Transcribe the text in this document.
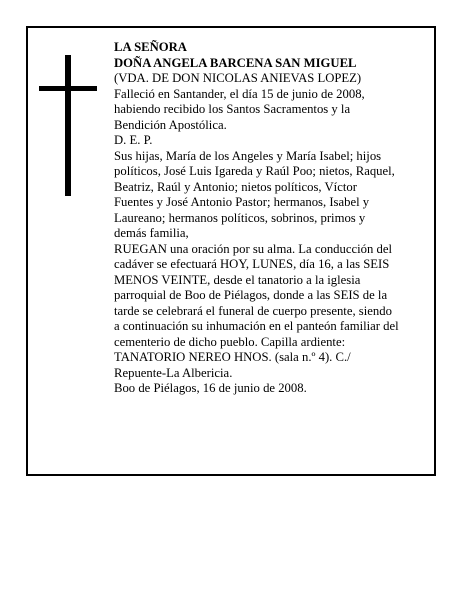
LA SEÑORA
DOÑA ANGELA BARCENA SAN MIGUEL
(VDA. DE DON NICOLAS ANIEVAS LOPEZ)
Falleció en Santander, el día 15 de junio de 2008,
habiendo recibido los Santos Sacramentos y la
Bendición Apostólica.
D. E. P.
Sus hijas, María de los Angeles y María Isabel; hijos
políticos, José Luis Igareda y Raúl Poo; nietos, Raquel,
Beatriz, Raúl y Antonio; nietos políticos, Víctor
Fuentes y José Antonio Pastor; hermanos, Isabel y
Laureano; hermanos políticos, sobrinos, primos y
demás familia,
RUEGAN una oración por su alma. La conducción del
cadáver se efectuará HOY, LUNES, día 16, a las SEIS
MENOS VEINTE, desde el tanatorio a la iglesia
parroquial de Boo de Piélagos, donde a las SEIS de la
tarde se celebrará el funeral de cuerpo presente, siendo
a continuación su inhumación en el panteón familiar del
cementerio de dicho pueblo. Capilla ardiente:
TANATORIO NEREO HNOS. (sala n.º 4). C./
Repuente-La Albericia.
Boo de Piélagos, 16 de junio de 2008.
